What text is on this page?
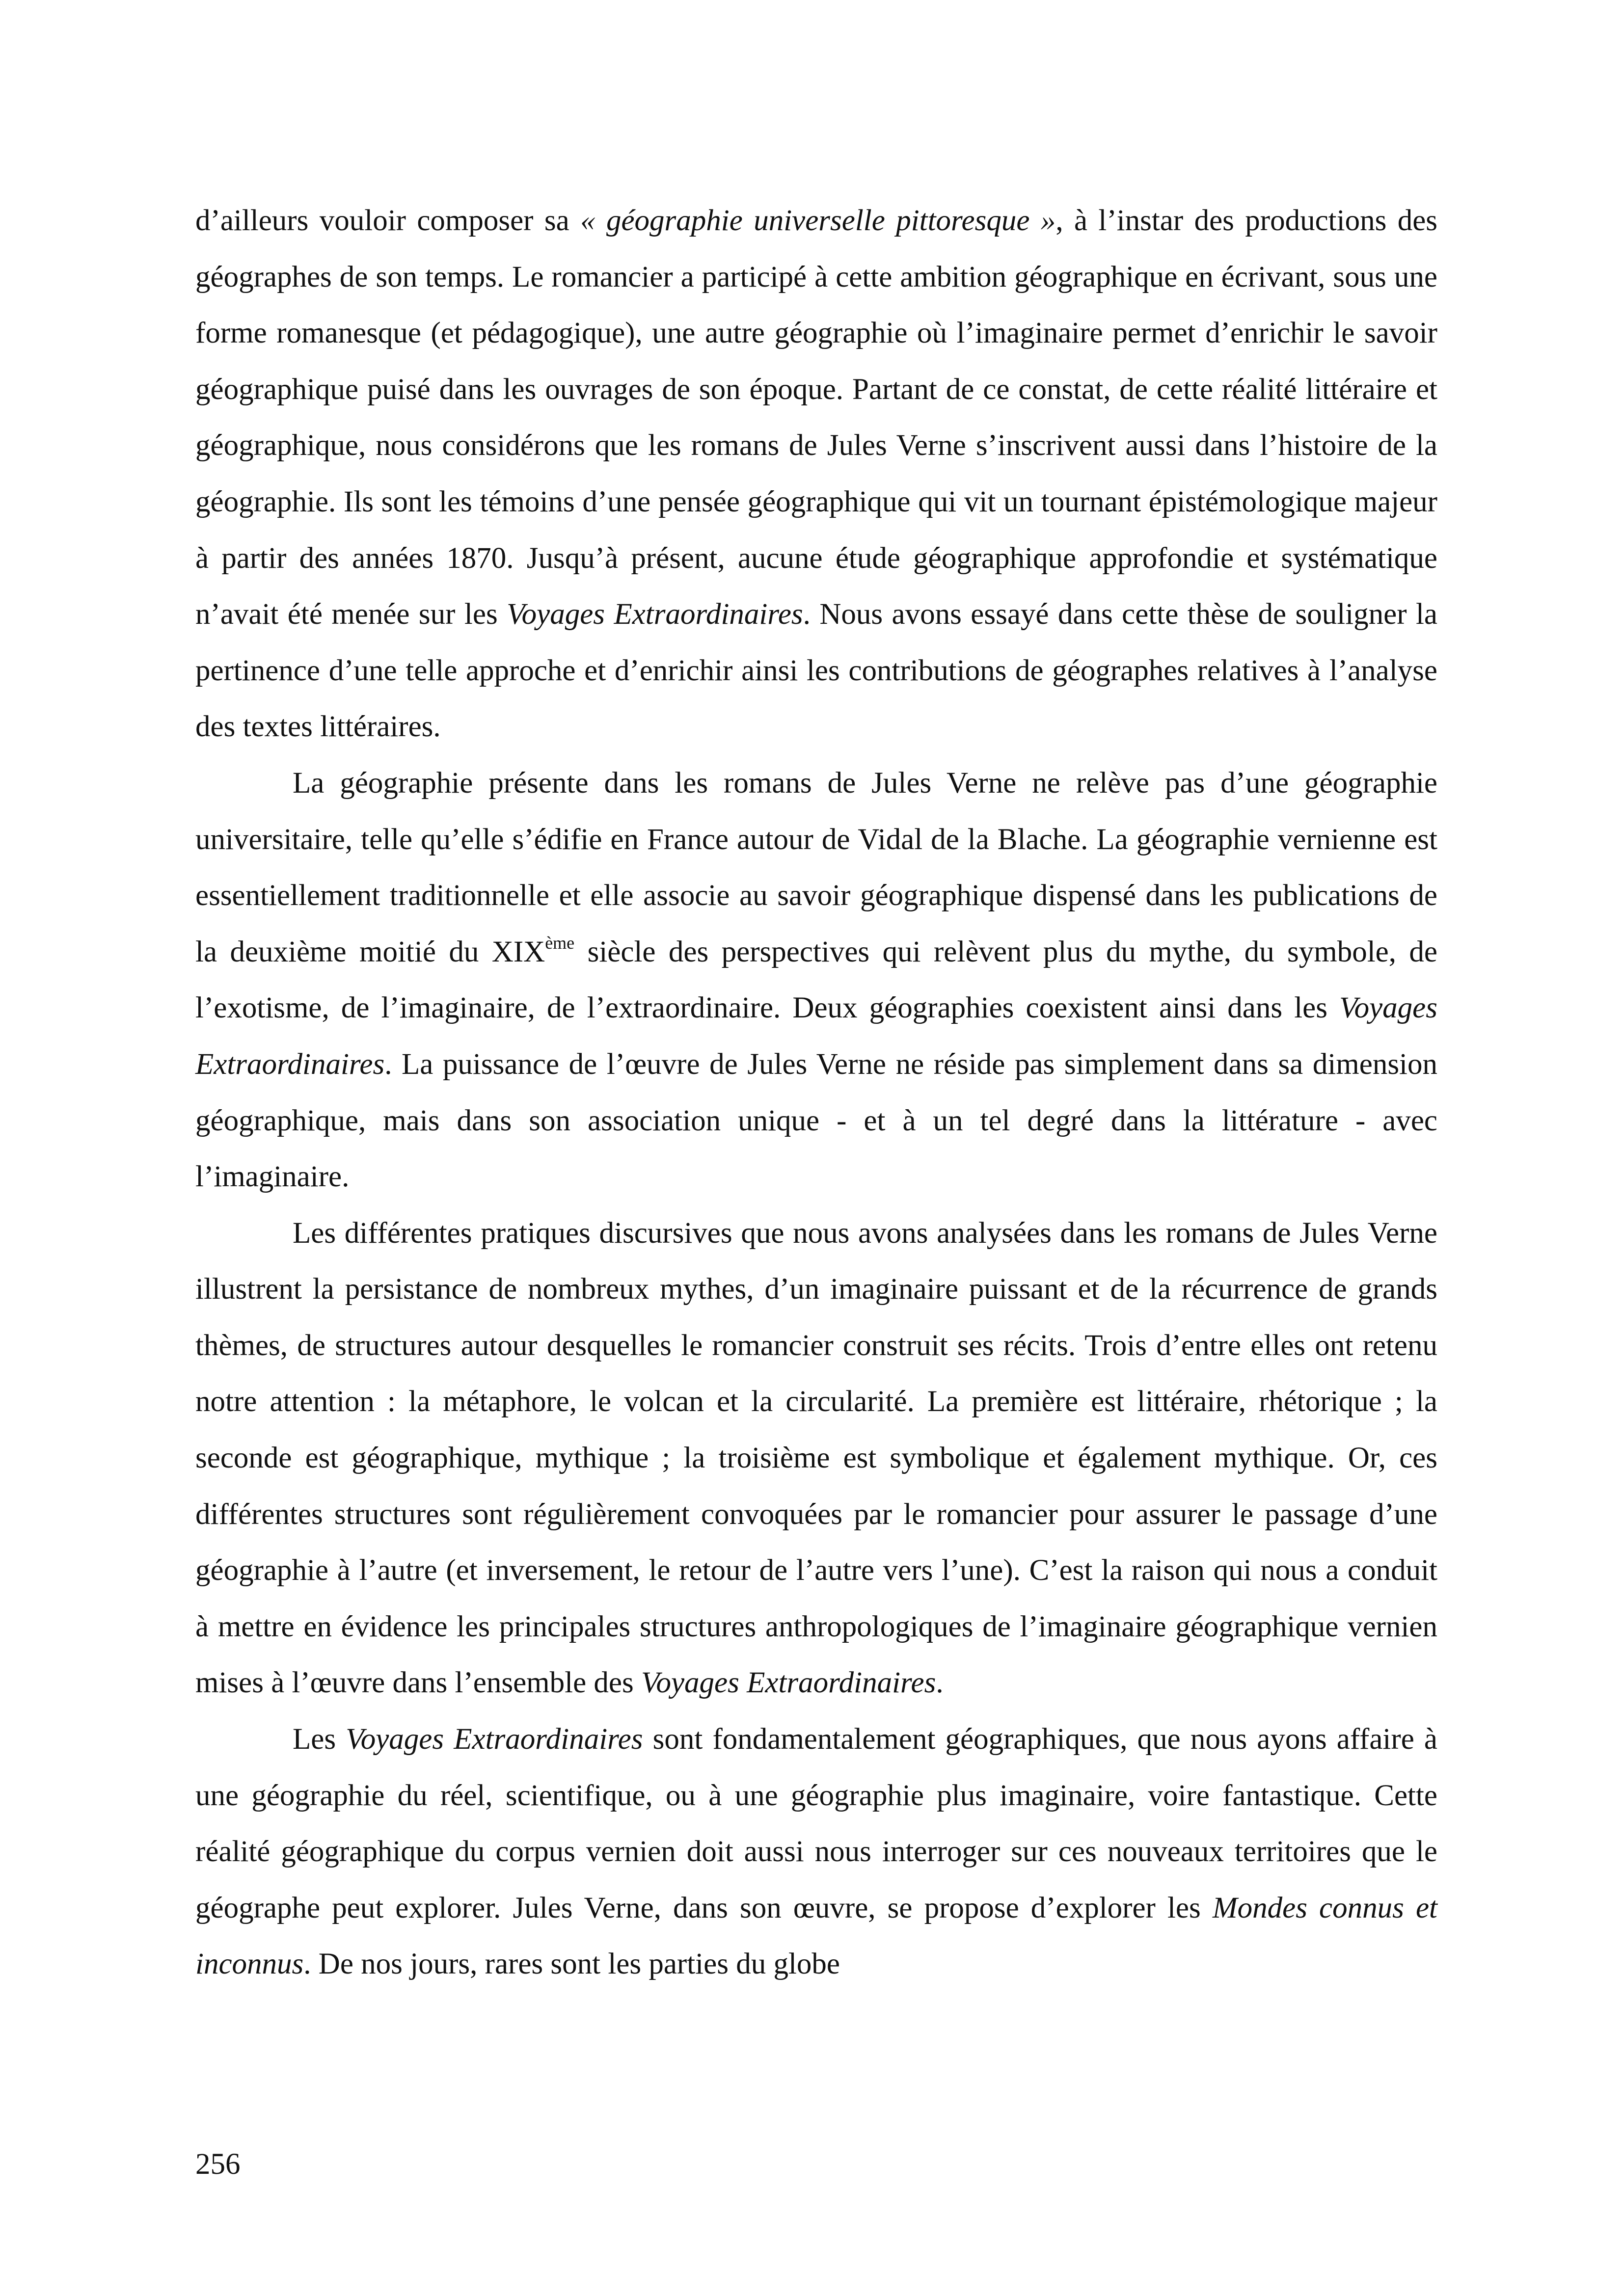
d’ailleurs vouloir composer sa « géographie universelle pittoresque », à l’instar des productions des géographes de son temps. Le romancier a participé à cette ambition géographique en écrivant, sous une forme romanesque (et pédagogique), une autre géographie où l’imaginaire permet d’enrichir le savoir géographique puisé dans les ouvrages de son époque. Partant de ce constat, de cette réalité littéraire et géographique, nous considérons que les romans de Jules Verne s’inscrivent aussi dans l’histoire de la géographie. Ils sont les témoins d’une pensée géographique qui vit un tournant épistémologique majeur à partir des années 1870. Jusqu’à présent, aucune étude géographique approfondie et systématique n’avait été menée sur les Voyages Extraordinaires. Nous avons essayé dans cette thèse de souligner la pertinence d’une telle approche et d’enrichir ainsi les contributions de géographes relatives à l’analyse des textes littéraires.

La géographie présente dans les romans de Jules Verne ne relève pas d’une géographie universitaire, telle qu’elle s’édifie en France autour de Vidal de la Blache. La géographie vernienne est essentiellement traditionnelle et elle associe au savoir géographique dispensé dans les publications de la deuxième moitié du XIXème siècle des perspectives qui relèvent plus du mythe, du symbole, de l’exotisme, de l’imaginaire, de l’extraordinaire. Deux géographies coexistent ainsi dans les Voyages Extraordinaires. La puissance de l’œuvre de Jules Verne ne réside pas simplement dans sa dimension géographique, mais dans son association unique - et à un tel degré dans la littérature - avec l’imaginaire.

Les différentes pratiques discursives que nous avons analysées dans les romans de Jules Verne illustrent la persistance de nombreux mythes, d’un imaginaire puissant et de la récurrence de grands thèmes, de structures autour desquelles le romancier construit ses récits. Trois d’entre elles ont retenu notre attention : la métaphore, le volcan et la circularité. La première est littéraire, rhétorique ; la seconde est géographique, mythique ; la troisième est symbolique et également mythique. Or, ces différentes structures sont régulièrement convoquées par le romancier pour assurer le passage d’une géographie à l’autre (et inversement, le retour de l’autre vers l’une). C’est la raison qui nous a conduit à mettre en évidence les principales structures anthropologiques de l’imaginaire géographique vernien mises à l’œuvre dans l’ensemble des Voyages Extraordinaires.

Les Voyages Extraordinaires sont fondamentalement géographiques, que nous ayons affaire à une géographie du réel, scientifique, ou à une géographie plus imaginaire, voire fantastique. Cette réalité géographique du corpus vernien doit aussi nous interroger sur ces nouveaux territoires que le géographe peut explorer. Jules Verne, dans son œuvre, se propose d’explorer les Mondes connus et inconnus. De nos jours, rares sont les parties du globe

256
